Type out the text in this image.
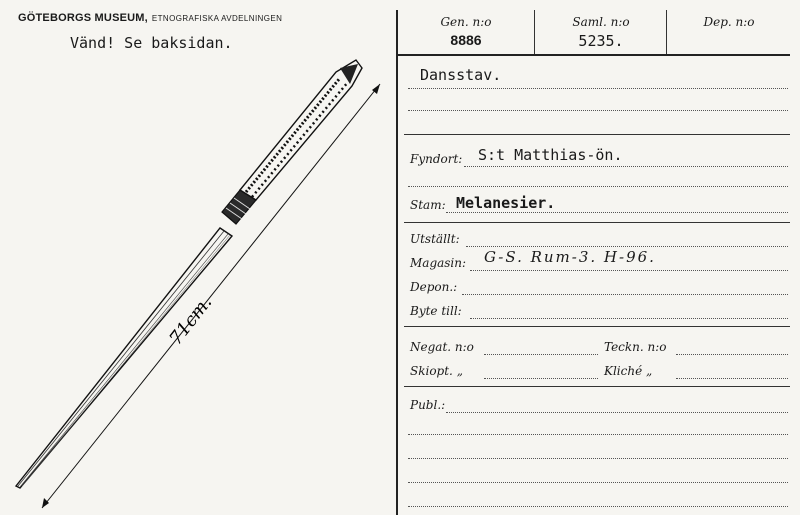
GÖTEBORGS MUSEUM, ETNOGRAFISKA AVDELNINGEN
Vänd! Se baksidan.
71cm.
Gen. n:o
8886
Saml. n:o
5235.
Dep. n:o
Dansstav.
Fyndort: S:t Matthias-ön.
Stam: Melanesier.
Utställt:
Magasin: G-S. Rum-3. H-96.
Depon.:
Byte till:
Negat. n:o	Teckn. n:o
Skiopt. „	Kliché „
Publ.:
